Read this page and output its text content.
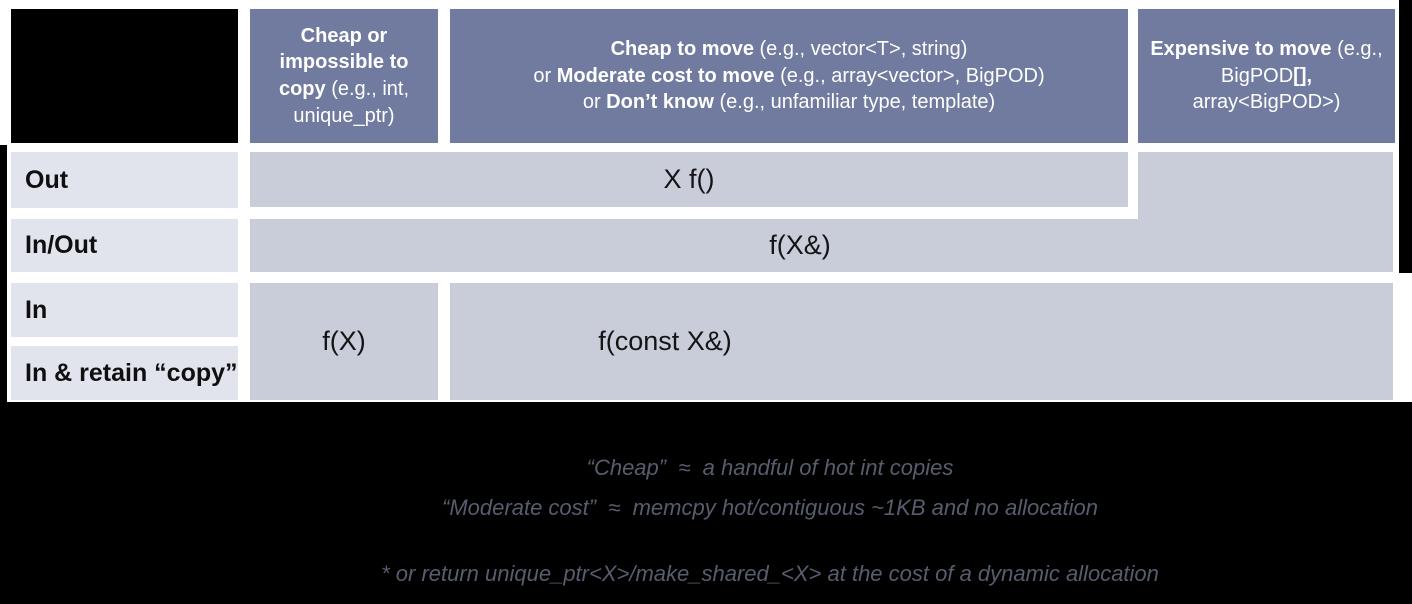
Cheap or impossible to copy (e.g., int, unique_ptr)
Cheap to move (e.g., vector<T>, string)
or Moderate cost to move (e.g., array<vector>, BigPOD)
or Don’t know (e.g., unfamiliar type, template)
Expensive to move (e.g., BigPOD[], array<BigPOD>)
Out
In/Out
In
In & retain “copy”
X f()
f(X&)
f(X)	f(const X&)
“Cheap”  ≈  a handful of hot int copies
“Moderate cost”  ≈  memcpy hot/contiguous ~1KB and no allocation
* or return unique_ptr<X>/make_shared_<X> at the cost of a dynamic allocation
